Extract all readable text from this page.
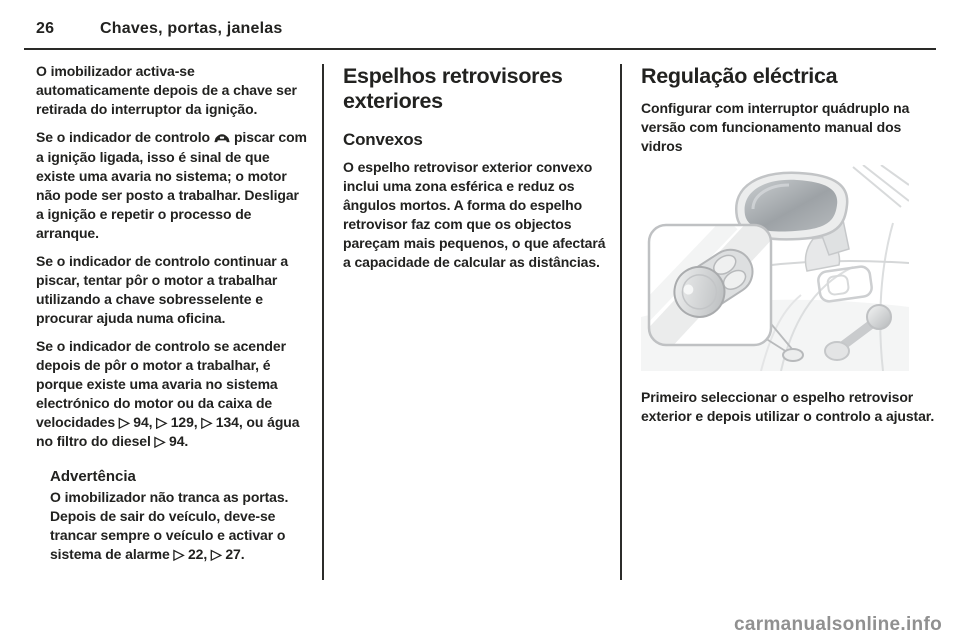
26	Chaves, portas, janelas

O imobilizador activa-se automaticamente depois de a chave ser retirada do interruptor da ignição.

Se o indicador de controlo piscar com a ignição ligada, isso é sinal de que existe uma avaria no sistema; o motor não pode ser posto a trabalhar. Desligar a ignição e repetir o processo de arranque.

Se o indicador de controlo continuar a piscar, tentar pôr o motor a trabalhar utilizando a chave sobresselente e procurar ajuda numa oficina.

Se o indicador de controlo se acender depois de pôr o motor a trabalhar, é porque existe uma avaria no sistema electrónico do motor ou da caixa de velocidades ▷ 94, ▷ 129, ▷ 134, ou água no filtro do diesel ▷ 94.

Advertência

O imobilizador não tranca as portas. Depois de sair do veículo, deve-se trancar sempre o veículo e activar o sistema de alarme ▷ 22, ▷ 27.

Espelhos retrovisores exteriores
Convexos

O espelho retrovisor exterior convexo inclui uma zona esférica e reduz os ângulos mortos. A forma do espelho retrovisor faz com que os objectos pareçam mais pequenos, o que afectará a capacidade de calcular as distâncias.

Regulação eléctrica

Configurar com interruptor quádruplo na versão com funcionamento manual dos vidros

Primeiro seleccionar o espelho retrovisor exterior e depois utilizar o controlo a ajustar.

carmanualsonline.info
